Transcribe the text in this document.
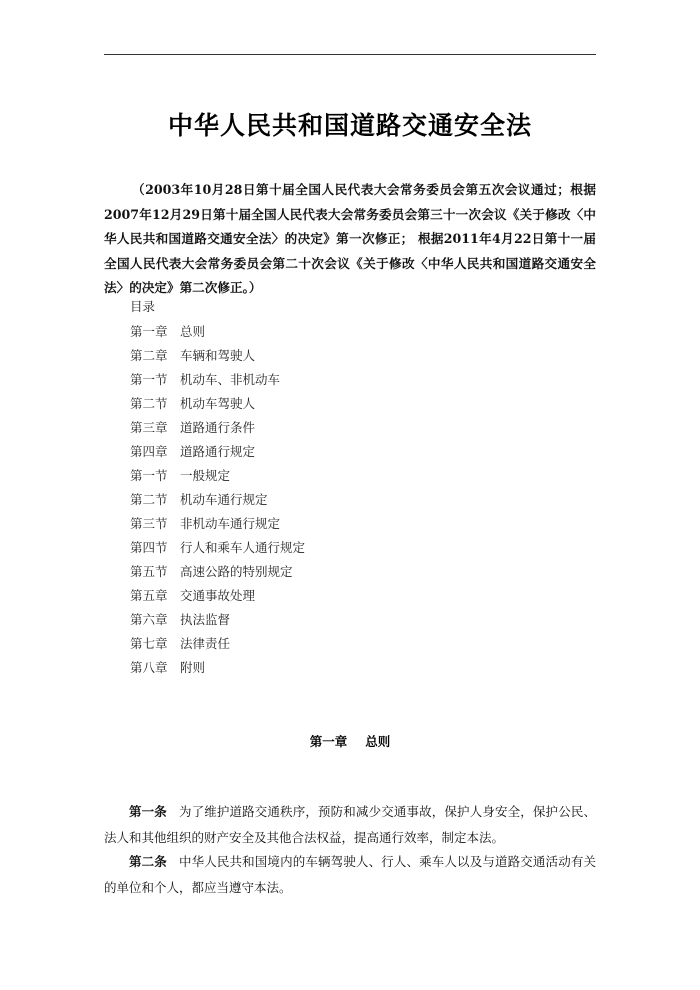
中华人民共和国道路交通安全法

（2003年10月28日第十届全国人民代表大会常务委员会第五次会议通过；根据2007年12月29日第十届全国人民代表大会常务委员会第三十一次会议《关于修改〈中华人民共和国道路交通安全法〉的决定》第一次修正； 根据2011年4月22日第十一届全国人民代表大会常务委员会第二十次会议《关于修改〈中华人民共和国道路交通安全法〉的决定》第二次修正。）

目录

第一章 总则
第二章 车辆和驾驶人
第一节 机动车、非机动车
第二节 机动车驾驶人
第三章 道路通行条件
第四章 道路通行规定
第一节 一般规定
第二节 机动车通行规定
第三节 非机动车通行规定
第四节 行人和乘车人通行规定
第五节 高速公路的特别规定
第五章 交通事故处理
第六章 执法监督
第七章 法律责任
第八章 附则

第一章 总则

第一条 为了维护道路交通秩序，预防和减少交通事故，保护人身安全，保护公民、法人和其他组织的财产安全及其他合法权益，提高通行效率，制定本法。

第二条 中华人民共和国境内的车辆驾驶人、行人、乘车人以及与道路交通活动有关的单位和个人，都应当遵守本法。
